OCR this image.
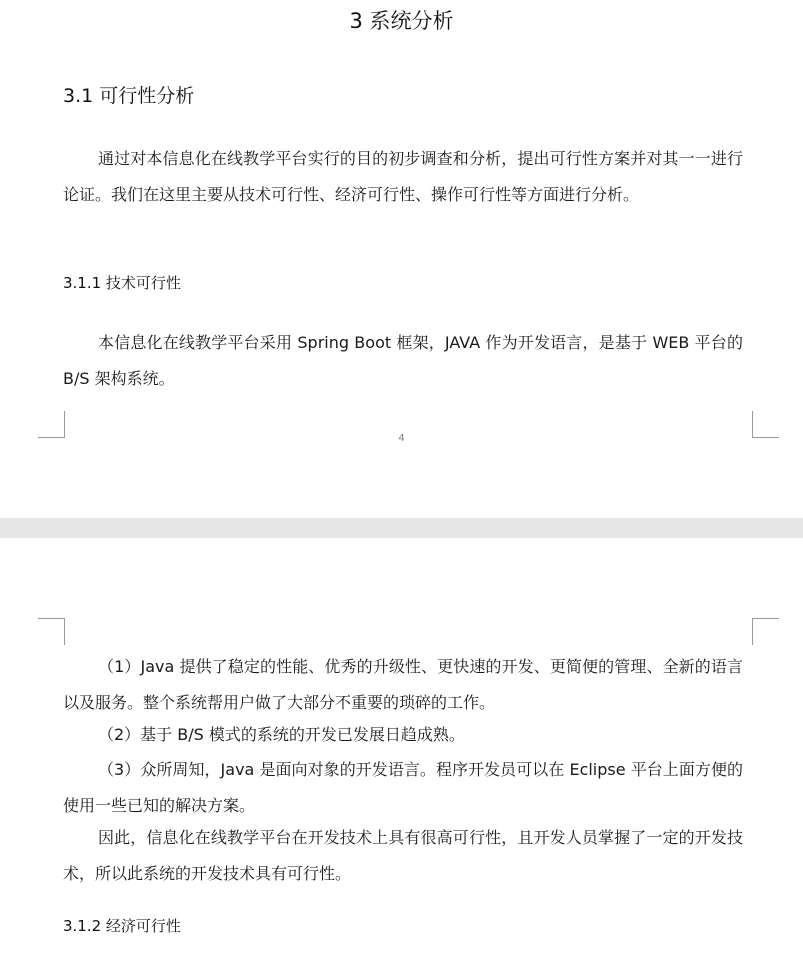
3 系统分析
3.1 可行性分析

通过对本信息化在线教学平台实行的目的初步调查和分析，提出可行性方案并对其一一进行论证。我们在这里主要从技术可行性、经济可行性、操作可行性等方面进行分析。

3.1.1 技术可行性

本信息化在线教学平台采用 Spring Boot 框架，JAVA 作为开发语言，是基于 WEB 平台的 B/S 架构系统。

4

（1）Java 提供了稳定的性能、优秀的升级性、更快速的开发、更简便的管理、全新的语言以及服务。整个系统帮用户做了大部分不重要的琐碎的工作。

（2）基于 B/S 模式的系统的开发已发展日趋成熟。

（3）众所周知，Java 是面向对象的开发语言。程序开发员可以在 Eclipse 平台上面方便的使用一些已知的解决方案。

因此，信息化在线教学平台在开发技术上具有很高可行性，且开发人员掌握了一定的开发技术，所以此系统的开发技术具有可行性。

3.1.2 经济可行性
